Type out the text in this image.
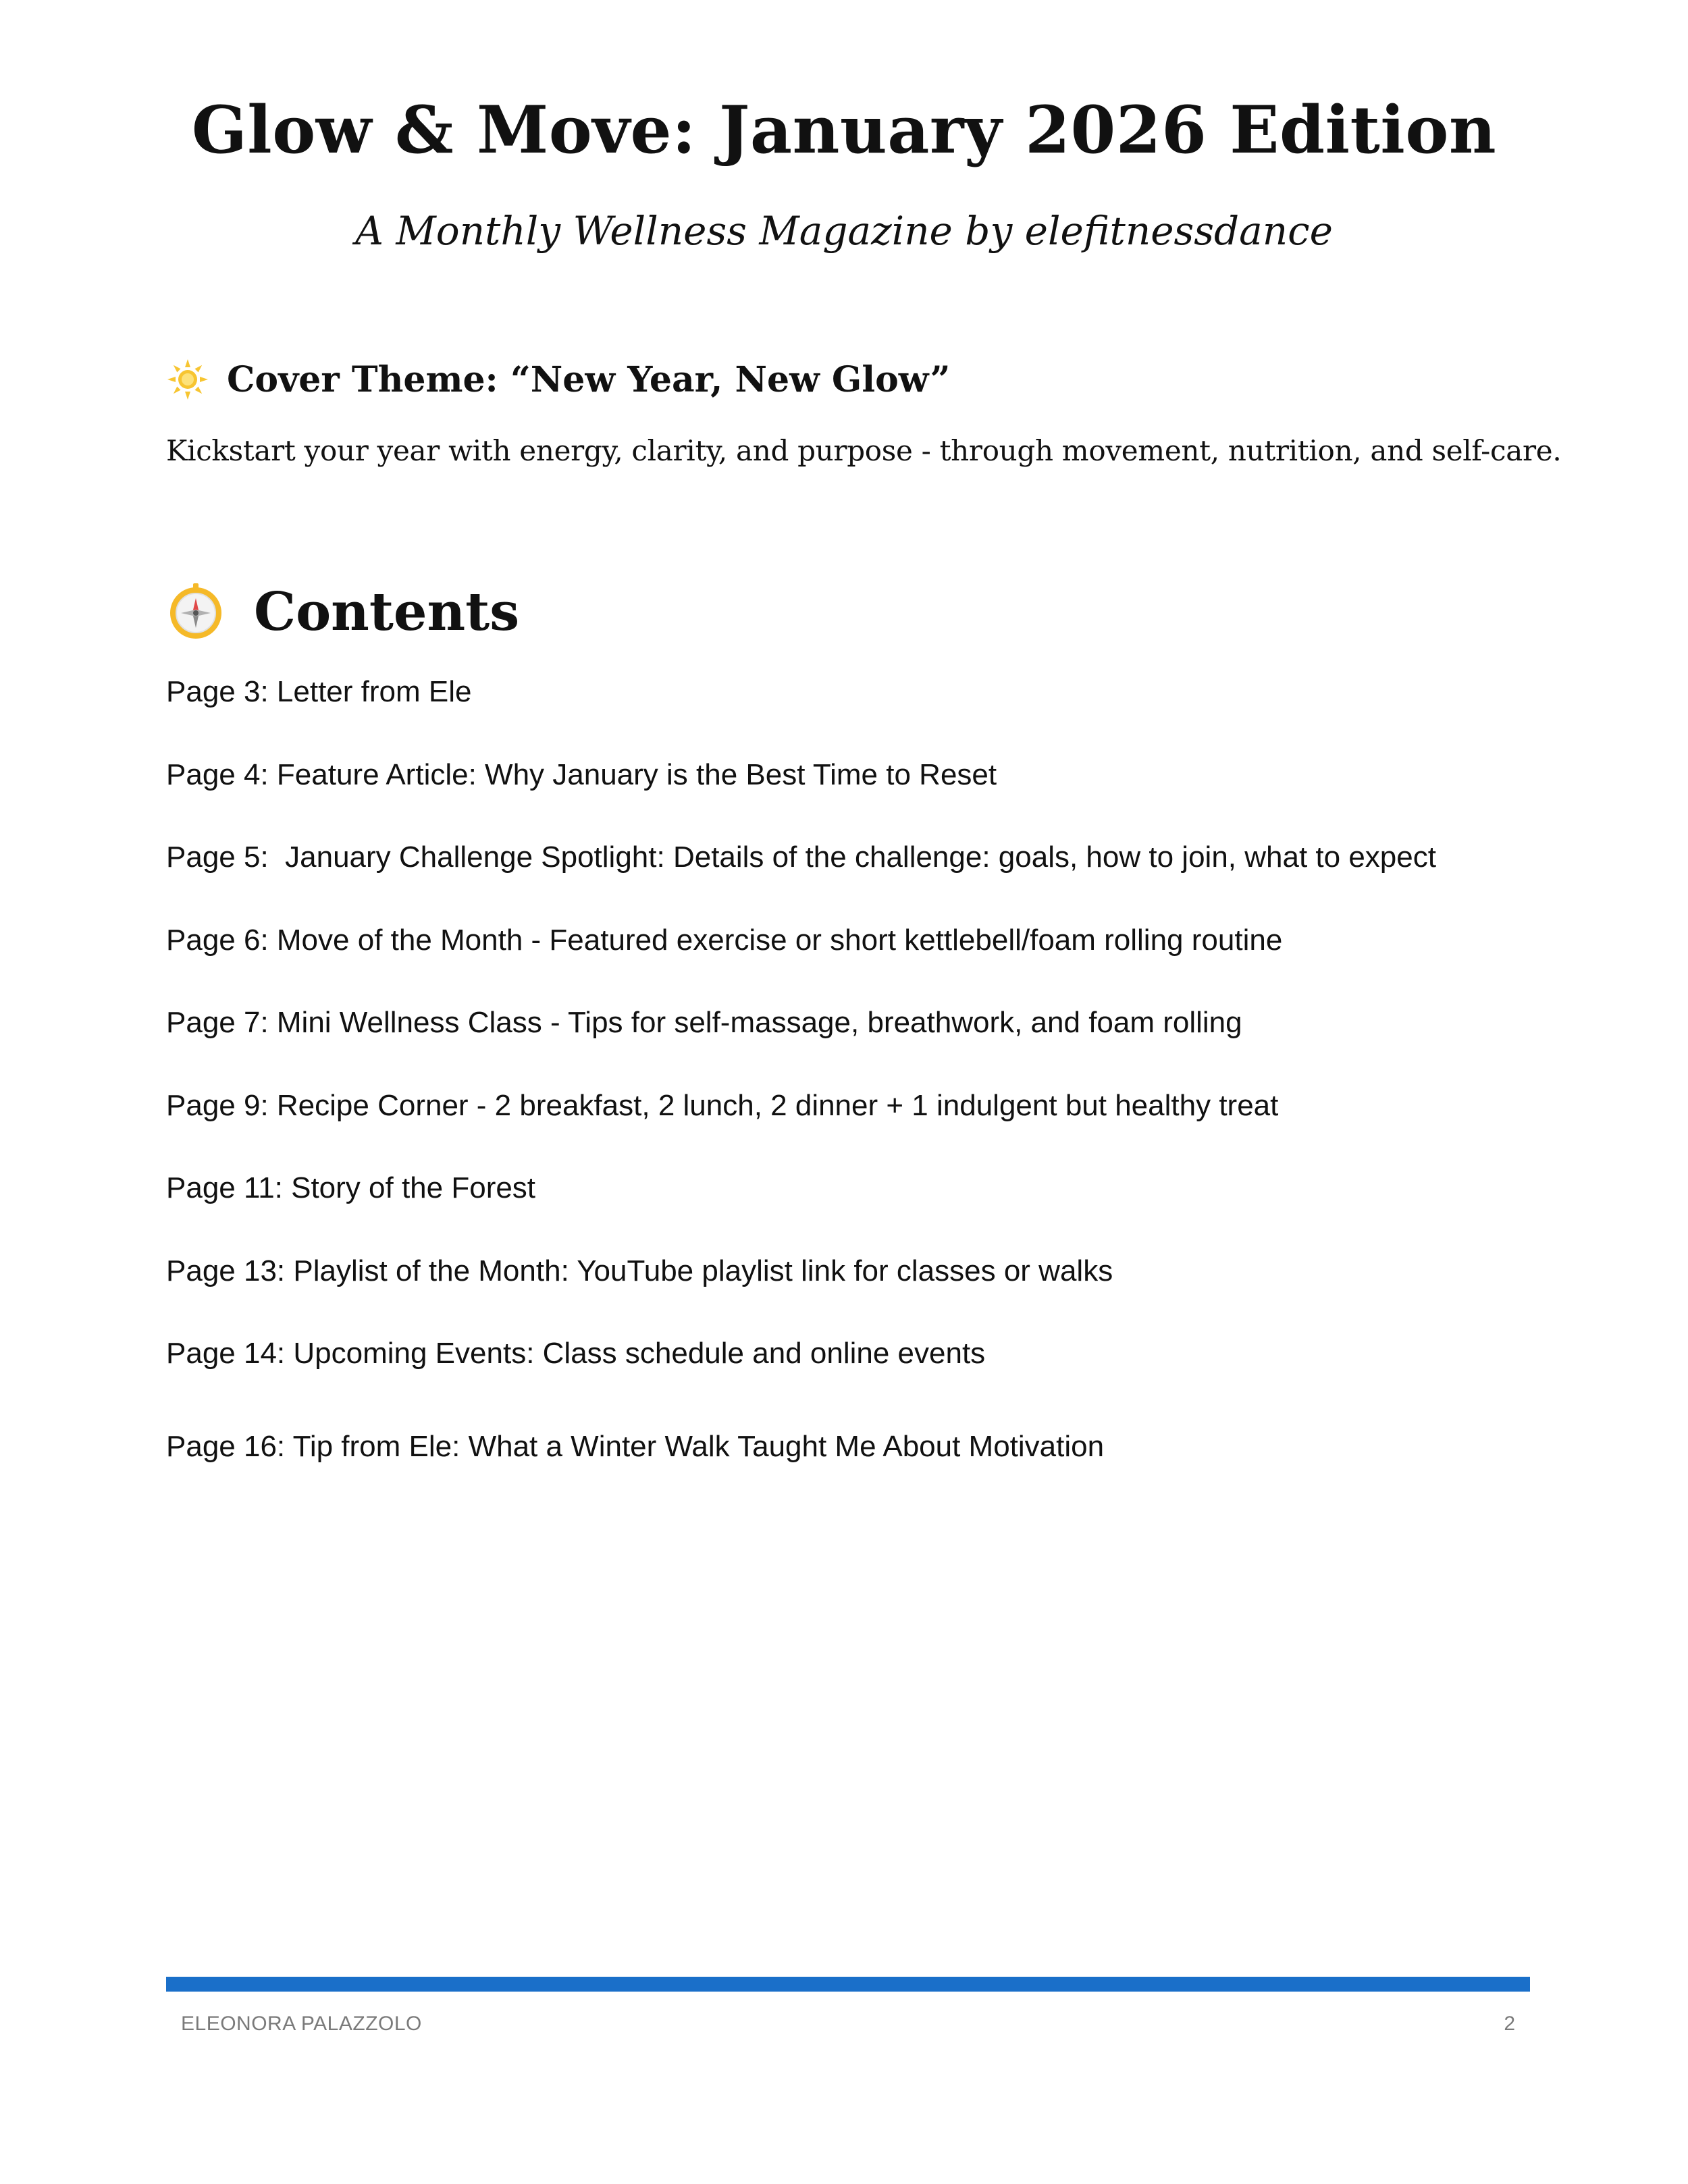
Glow & Move: January 2026 Edition

A Monthly Wellness Magazine by elefitnessdance

Cover Theme: “New Year, New Glow”
Kickstart your year with energy, clarity, and purpose - through movement, nutrition, and self-care.
Contents
Page 3: Letter from Ele
Page 4: Feature Article: Why January is the Best Time to Reset
Page 5:  January Challenge Spotlight: Details of the challenge: goals, how to join, what to expect
Page 6: Move of the Month - Featured exercise or short kettlebell/foam rolling routine
Page 7: Mini Wellness Class - Tips for self-massage, breathwork, and foam rolling
Page 9: Recipe Corner - 2 breakfast, 2 lunch, 2 dinner + 1 indulgent but healthy treat
Page 11: Story of the Forest
Page 13: Playlist of the Month: YouTube playlist link for classes or walks
Page 14: Upcoming Events: Class schedule and online events
Page 16: Tip from Ele: What a Winter Walk Taught Me About Motivation
ELEONORA PALAZZOLO	2
